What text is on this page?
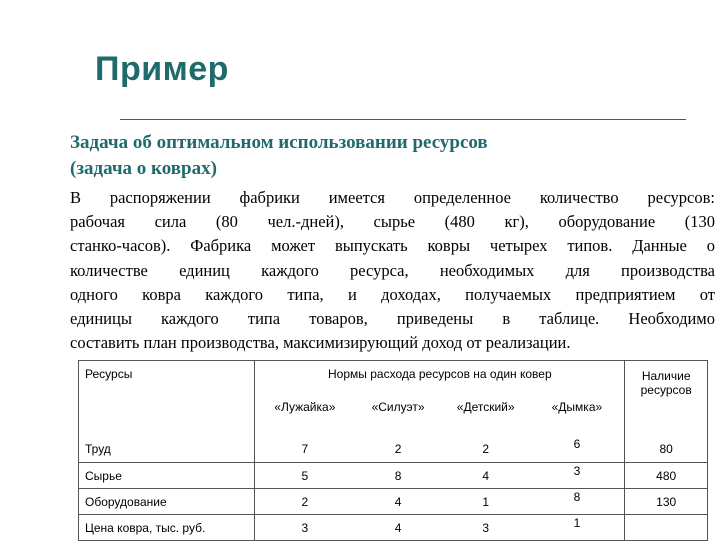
Пример
Задача об оптимальном использовании ресурсов
(задача о коврах)
В распоряжении фабрики имеется определенное количество ресурсов:
рабочая сила (80 чел.-дней), сырье (480 кг), оборудование (130
станко-часов). Фабрика может выпускать ковры четырех типов. Данные о
количестве единиц каждого ресурса, необходимых для производства
одного ковра каждого типа, и доходах, получаемых предприятием от
единицы каждого типа товаров, приведены в таблице. Необходимо
составить план производства, максимизирующий доход от реализации.
Ресурсы	Нормы расхода ресурсов на один ковер				Наличие ресурсов
	«Лужайка»	«Силуэт»	«Детский»	«Дымка»	
Труд	7	2	2	6	80
Сырье	5	8	4	3	480
Оборудование	2	4	1	8	130
Цена ковра, тыс. руб.	3	4	3	1	
